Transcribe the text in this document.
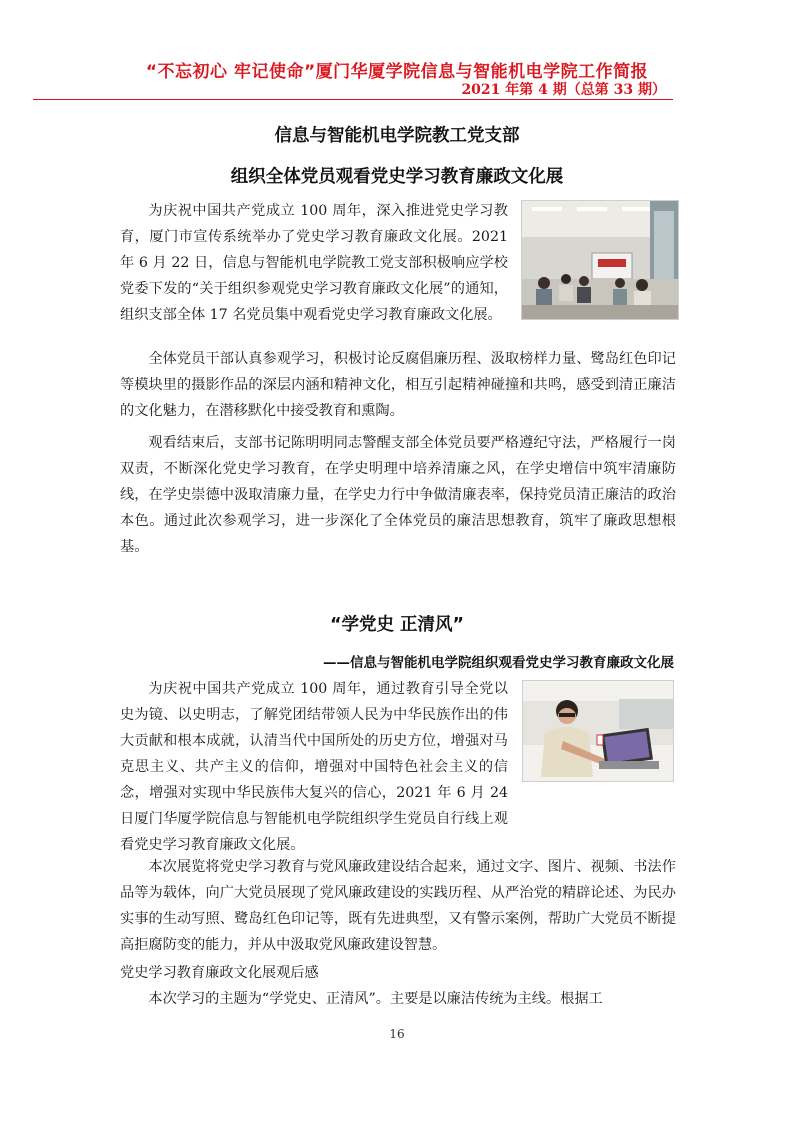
“不忘初心 牢记使命”厦门华厦学院信息与智能机电学院工作简报
2021 年第 4 期（总第 33 期）
信息与智能机电学院教工党支部
组织全体党员观看党史学习教育廉政文化展

为庆祝中国共产党成立 100 周年，深入推进党史学习教育，厦门市宣传系统举办了党史学习教育廉政文化展。2021 年 6 月 22 日，信息与智能机电学院教工党支部积极响应学校党委下发的“关于组织参观党史学习教育廉政文化展”的通知，组织支部全体 17 名党员集中观看党史学习教育廉政文化展。

全体党员干部认真参观学习，积极讨论反腐倡廉历程、汲取榜样力量、鹭岛红色印记等模块里的摄影作品的深层内涵和精神文化，相互引起精神碰撞和共鸣，感受到清正廉洁的文化魅力，在潜移默化中接受教育和熏陶。

观看结束后，支部书记陈明明同志警醒支部全体党员要严格遵纪守法，严格履行一岗双责，不断深化党史学习教育，在学史明理中培养清廉之风，在学史增信中筑牢清廉防线，在学史崇德中汲取清廉力量，在学史力行中争做清廉表率，保持党员清正廉洁的政治本色。通过此次参观学习，进一步深化了全体党员的廉洁思想教育，筑牢了廉政思想根基。

“学党史 正清风”
——信息与智能机电学院组织观看党史学习教育廉政文化展

为庆祝中国共产党成立 100 周年，通过教育引导全党以史为镜、以史明志，了解党团结带领人民为中华民族作出的伟大贡献和根本成就，认清当代中国所处的历史方位，增强对马克思主义、共产主义的信仰，增强对中国特色社会主义的信念，增强对实现中华民族伟大复兴的信心，2021 年 6 月 24 日厦门华厦学院信息与智能机电学院组织学生党员自行线上观看党史学习教育廉政文化展。

本次展览将党史学习教育与党风廉政建设结合起来，通过文字、图片、视频、书法作品等为载体，向广大党员展现了党风廉政建设的实践历程、从严治党的精辟论述、为民办实事的生动写照、鹭岛红色印记等，既有先进典型，又有警示案例，帮助广大党员不断提高拒腐防变的能力，并从中汲取党风廉政建设智慧。

党史学习教育廉政文化展观后感

本次学习的主题为“学党史、正清风”。主要是以廉洁传统为主线。根据工

16
